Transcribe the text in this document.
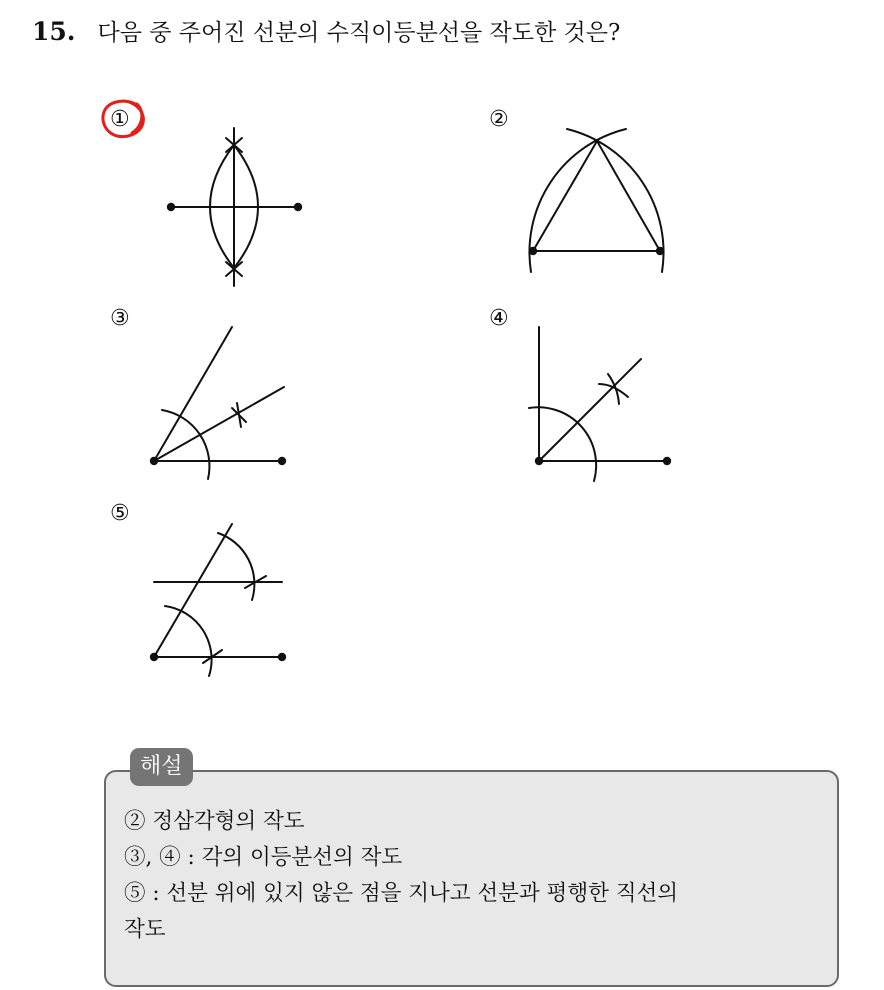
15. 다음 중 주어진 선분의 수직이등분선을 작도한 것은?
①	②
③	④
⑤
해설
② 정삼각형의 작도
③, ④ : 각의 이등분선의 작도
⑤ : 선분 위에 있지 않은 점을 지나고 선분과 평행한 직선의
작도
